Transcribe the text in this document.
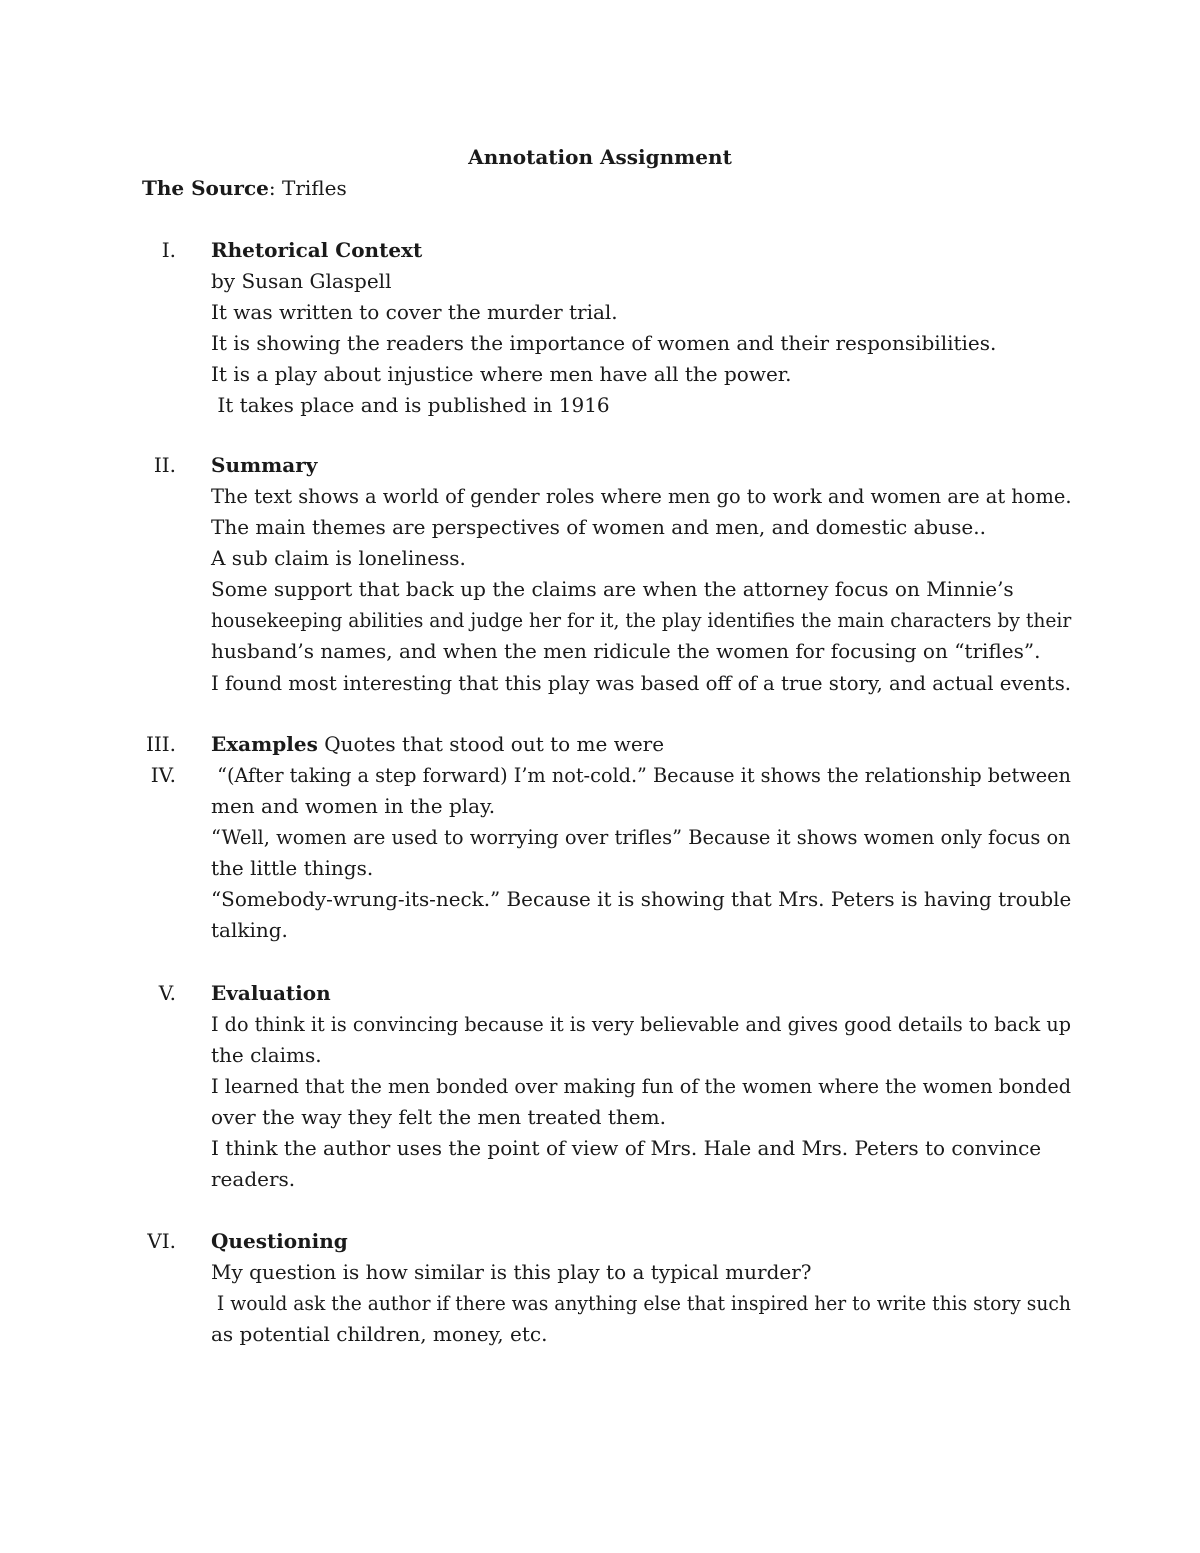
Annotation Assignment
The Source: Trifles
I. Rhetorical Context
by Susan Glaspell
It was written to cover the murder trial.
It is showing the readers the importance of women and their responsibilities.
It is a play about injustice where men have all the power.
It takes place and is published in 1916
II. Summary
The text shows a world of gender roles where men go to work and women are at home.
The main themes are perspectives of women and men, and domestic abuse..
A sub claim is loneliness.
Some support that back up the claims are when the attorney focus on Minnie’s
housekeeping abilities and judge her for it, the play identifies the main characters by their
husband’s names, and when the men ridicule the women for focusing on “trifles”.
I found most interesting that this play was based off of a true story, and actual events.
III. Examples Quotes that stood out to me were
IV. “(After taking a step forward) I’m not-cold.” Because it shows the relationship between
men and women in the play.
“Well, women are used to worrying over trifles” Because it shows women only focus on
the little things.
“Somebody-wrung-its-neck.” Because it is showing that Mrs. Peters is having trouble
talking.
V. Evaluation
I do think it is convincing because it is very believable and gives good details to back up
the claims.
I learned that the men bonded over making fun of the women where the women bonded
over the way they felt the men treated them.
I think the author uses the point of view of Mrs. Hale and Mrs. Peters to convince
readers.
VI. Questioning
My question is how similar is this play to a typical murder?
I would ask the author if there was anything else that inspired her to write this story such
as potential children, money, etc.
